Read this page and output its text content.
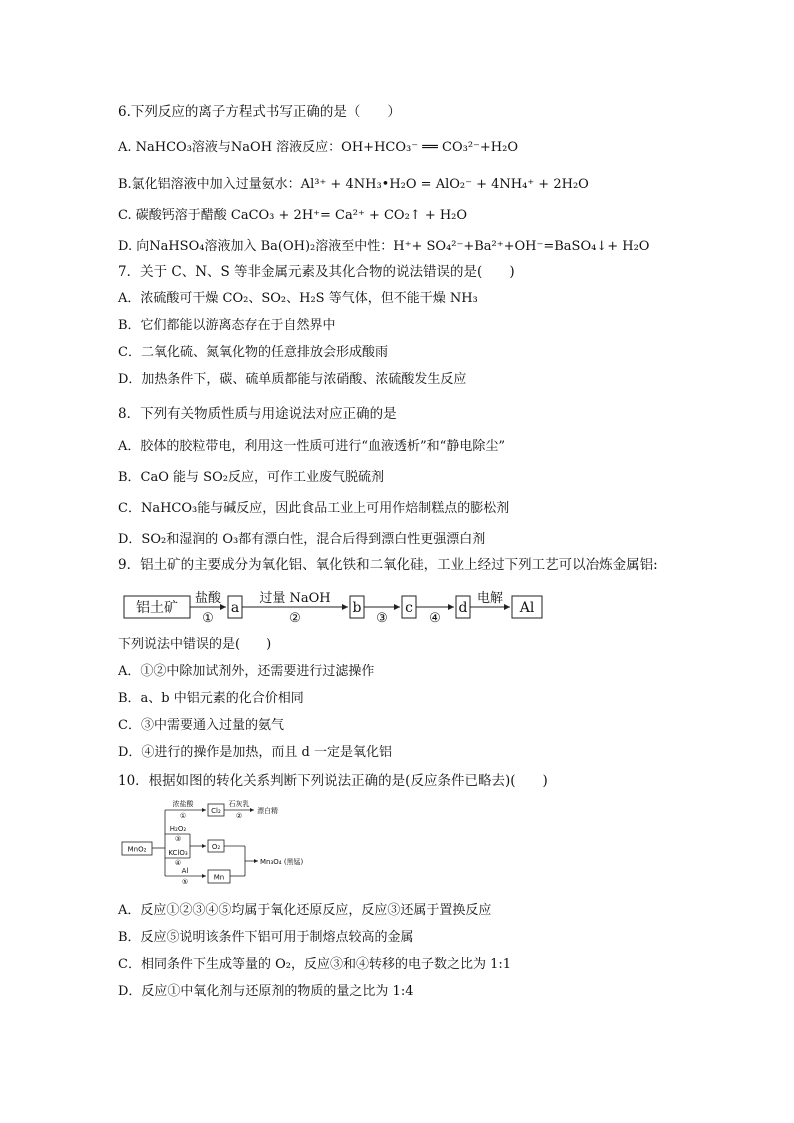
6.下列反应的离子方程式书写正确的是（　　）
A. NaHCO₃溶液与NaOH 溶液反应：OH+HCO₃⁻ ══ CO₃²⁻+H₂O
B.氯化铝溶液中加入过量氨水：Al³⁺ + 4NH₃•H₂O = AlO₂⁻ + 4NH₄⁺ + 2H₂O
C. 碳酸钙溶于醋酸 CaCO₃ + 2H⁺= Ca²⁺ + CO₂↑ + H₂O
D. 向NaHSO₄溶液加入 Ba(OH)₂溶液至中性：H⁺+ SO₄²⁻+Ba²⁺+OH⁻=BaSO₄↓+ H₂O
7．关于 C、N、S 等非金属元素及其化合物的说法错误的是(　　)
A．浓硫酸可干燥 CO₂、SO₂、H₂S 等气体，但不能干燥 NH₃
B．它们都能以游离态存在于自然界中
C．二氧化硫、氮氧化物的任意排放会形成酸雨
D．加热条件下，碳、硫单质都能与浓硝酸、浓硫酸发生反应
8．下列有关物质性质与用途说法对应正确的是
A．胶体的胶粒带电，利用这一性质可进行“血液透析”和“静电除尘”
B．CaO 能与 SO₂反应，可作工业废气脱硫剂
C．NaHCO₃能与碱反应，因此食品工业上可用作焙制糕点的膨松剂
D．SO₂和湿润的 O₃都有漂白性，混合后得到漂白性更强漂白剂
9．铝土矿的主要成分为氧化铝、氧化铁和二氧化硅，工业上经过下列工艺可以冶炼金属铝:
铝土矿	a	b	c	d	Al
盐酸
①
过量 NaOH
②	③	④
电解
下列说法中错误的是(　　)
A．①②中除加试剂外，还需要进行过滤操作
B．a、b 中铝元素的化合价相同
C．③中需要通入过量的氨气
D．④进行的操作是加热，而且 d 一定是氧化铝
10．根据如图的转化关系判断下列说法正确的是(反应条件已略去)(　　)
MnO₂
浓盐酸
①
Cl₂
石灰乳
②
漂白精
H₂O₂
③
O₂
KClO₃
④
Al
⑤
Mn
Mn₃O₄ (黑锰)
A．反应①②③④⑤均属于氧化还原反应，反应③还属于置换反应
B．反应⑤说明该条件下铝可用于制熔点较高的金属
C．相同条件下生成等量的 O₂，反应③和④转移的电子数之比为 1:1
D．反应①中氧化剂与还原剂的物质的量之比为 1:4
